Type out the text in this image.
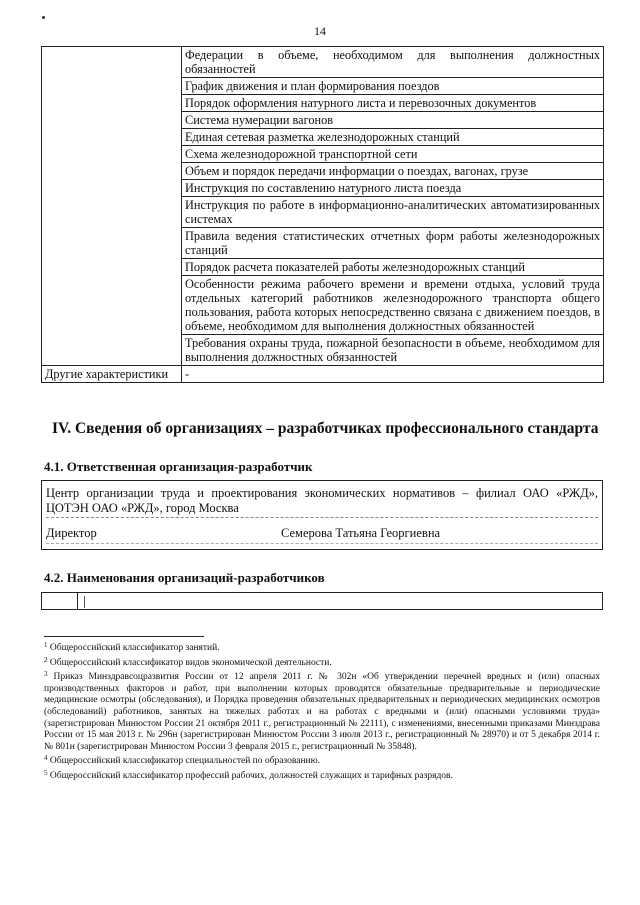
14
	Федерации в объеме, необходимом для выполнения должностных обязанностей
	График движения и план формирования поездов
	Порядок оформления натурного листа и перевозочных документов
	Система нумерации вагонов
	Единая сетевая разметка железнодорожных станций
	Схема железнодорожной транспортной сети
	Объем и порядок передачи информации о поездах, вагонах, грузе
	Инструкция по составлению натурного листа поезда
	Инструкция по работе в информационно-аналитических автоматизированных системах
	Правила ведения статистических отчетных форм работы железнодорожных станций
	Порядок расчета показателей работы железнодорожных станций
	Особенности режима рабочего времени и времени отдыха, условий труда отдельных категорий работников железнодорожного транспорта общего пользования, работа которых непосредственно связана с движением поездов, в объеме, необходимом для выполнения должностных обязанностей
	Требования охраны труда, пожарной безопасности в объеме, необходимом для выполнения должностных обязанностей
Другие характеристики	-
IV. Сведения об организациях – разработчиках профессионального стандарта
4.1. Ответственная организация-разработчик
Центр организации труда и проектирования экономических нормативов – филиал ОАО «РЖД», ЦОТЭН ОАО «РЖД», город Москва
Директор	Семерова Татьяна Георгиевна
4.2. Наименования организаций-разработчиков

$^1$ Общероссийский классификатор занятий.

$^2$ Общероссийский классификатор видов экономической деятельности.

$^3$ Приказ Минздравсоцразвития России от 12 апреля 2011 г. № 302н «Об утверждении перечней вредных и (или) опасных производственных факторов и работ, при выполнении которых проводятся обязательные предварительные и периодические медицинские осмотры (обследования), и Порядка проведения обязательных предварительных и периодических медицинских осмотров (обследований) работников, занятых на тяжелых работах и на работах с вредными и (или) опасными условиями труда» (зарегистрирован Минюстом России 21 октября 2011 г., регистрационный № 22111), с изменениями, внесенными приказами Минздрава России от 15 мая 2013 г. № 296н (зарегистрирован Минюстом России 3 июля 2013 г., регистрационный № 28970) и от 5 декабря 2014 г. № 801н (зарегистрирован Минюстом России 3 февраля 2015 г., регистрационный № 35848).

$^4$ Общероссийский классификатор специальностей по образованию.

$^5$ Общероссийский классификатор профессий рабочих, должностей служащих и тарифных разрядов.
